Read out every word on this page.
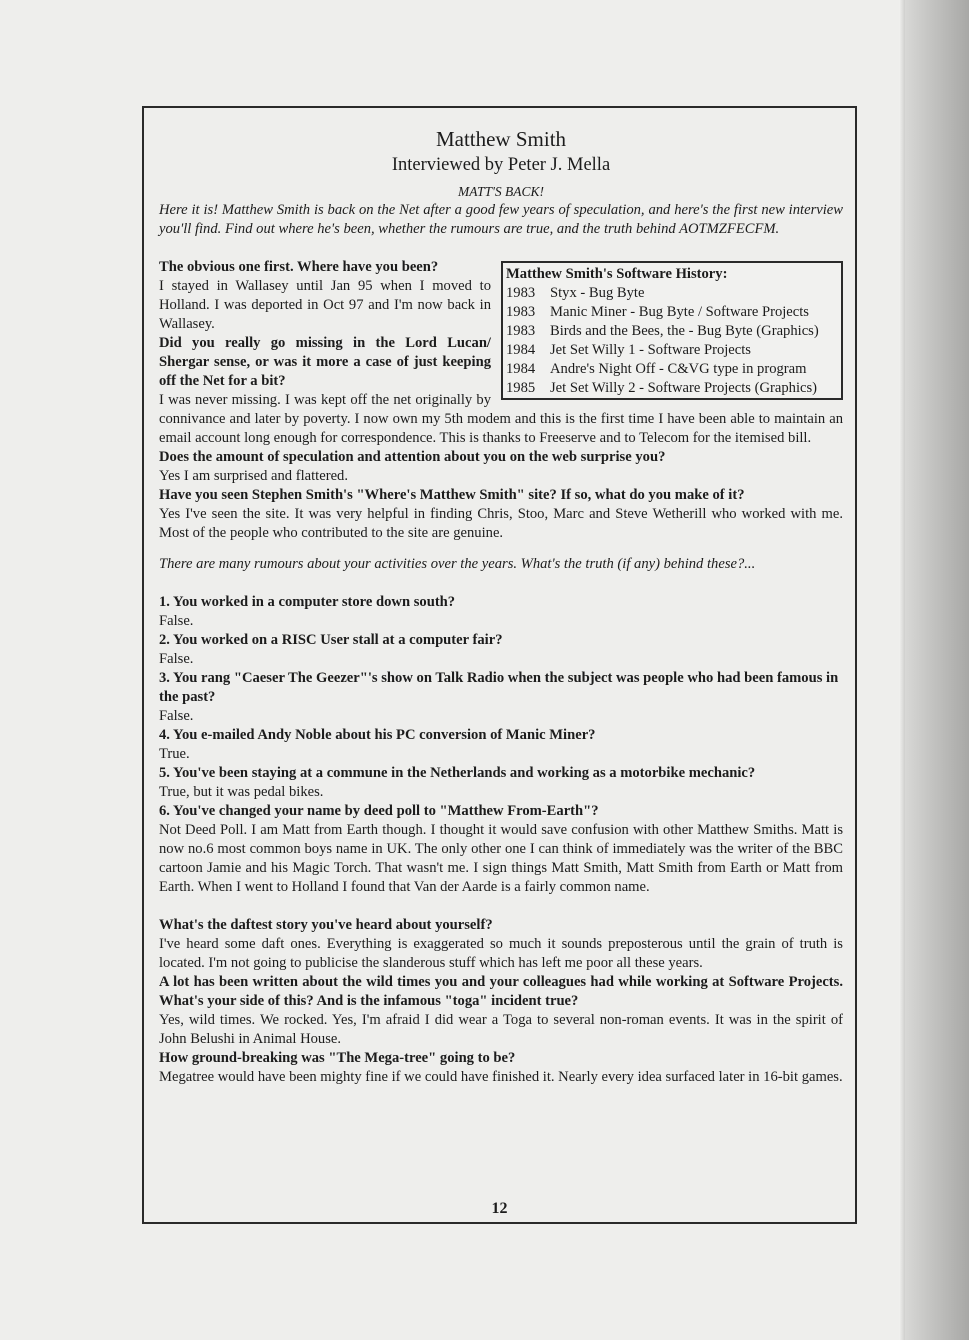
Matthew Smith
Interviewed by Peter J. Mella

MATT'S BACK!

Here it is! Matthew Smith is back on the Net after a good few years of speculation, and here's the first new interview you'll find. Find out where he's been, whether the rumours are true, and the truth behind AOTMZFECFM.

Matthew Smith's Software History:
1983	Styx - Bug Byte
1983	Manic Miner - Bug Byte / Software Projects
1983	Birds and the Bees, the - Bug Byte (Graphics)
1984	Jet Set Willy 1 - Software Projects
1984	Andre's Night Off - C&VG type in program
1985	Jet Set Willy 2 - Software Projects (Graphics)

The obvious one first. Where have you been?

I stayed in Wallasey until Jan 95 when I moved to Holland. I was deported in Oct 97 and I'm now back in Wallasey.

Did you really go missing in the Lord Lucan/ Shergar sense, or was it more a case of just keeping off the Net for a bit?

I was never missing. I was kept off the net originally by connivance and later by poverty. I now own my 5th modem and this is the first time I have been able to maintain an email account long enough for correspondence. This is thanks to Freeserve and to Telecom for the itemised bill.

Does the amount of speculation and attention about you on the web surprise you?

Yes I am surprised and flattered.

Have you seen Stephen Smith's "Where's Matthew Smith" site? If so, what do you make of it?

Yes I've seen the site. It was very helpful in finding Chris, Stoo, Marc and Steve Wetherill who worked with me. Most of the people who contributed to the site are genuine.

There are many rumours about your activities over the years. What's the truth (if any) behind these?...

1. You worked in a computer store down south?

False.

2. You worked on a RISC User stall at a computer fair?

False.

3. You rang "Caeser The Geezer"'s show on Talk Radio when the subject was people who had been famous in the past?

False.

4. You e-mailed Andy Noble about his PC conversion of Manic Miner?

True.

5. You've been staying at a commune in the Netherlands and working as a motorbike mechanic?

True, but it was pedal bikes.

6. You've changed your name by deed poll to "Matthew From-Earth"?

Not Deed Poll. I am Matt from Earth though. I thought it would save confusion with other Matthew Smiths. Matt is now no.6 most common boys name in UK. The only other one I can think of immediately was the writer of the BBC cartoon Jamie and his Magic Torch. That wasn't me. I sign things Matt Smith, Matt Smith from Earth or Matt from Earth. When I went to Holland I found that Van der Aarde is a fairly common name.

What's the daftest story you've heard about yourself?

I've heard some daft ones. Everything is exaggerated so much it sounds preposterous until the grain of truth is located. I'm not going to publicise the slanderous stuff which has left me poor all these years.

A lot has been written about the wild times you and your colleagues had while working at Software Projects. What's your side of this? And is the infamous "toga" incident true?

Yes, wild times. We rocked. Yes, I'm afraid I did wear a Toga to several non-roman events. It was in the spirit of John Belushi in Animal House.

How ground-breaking was "The Mega-tree" going to be?

Megatree would have been mighty fine if we could have finished it. Nearly every idea surfaced later in 16-bit games.

12
